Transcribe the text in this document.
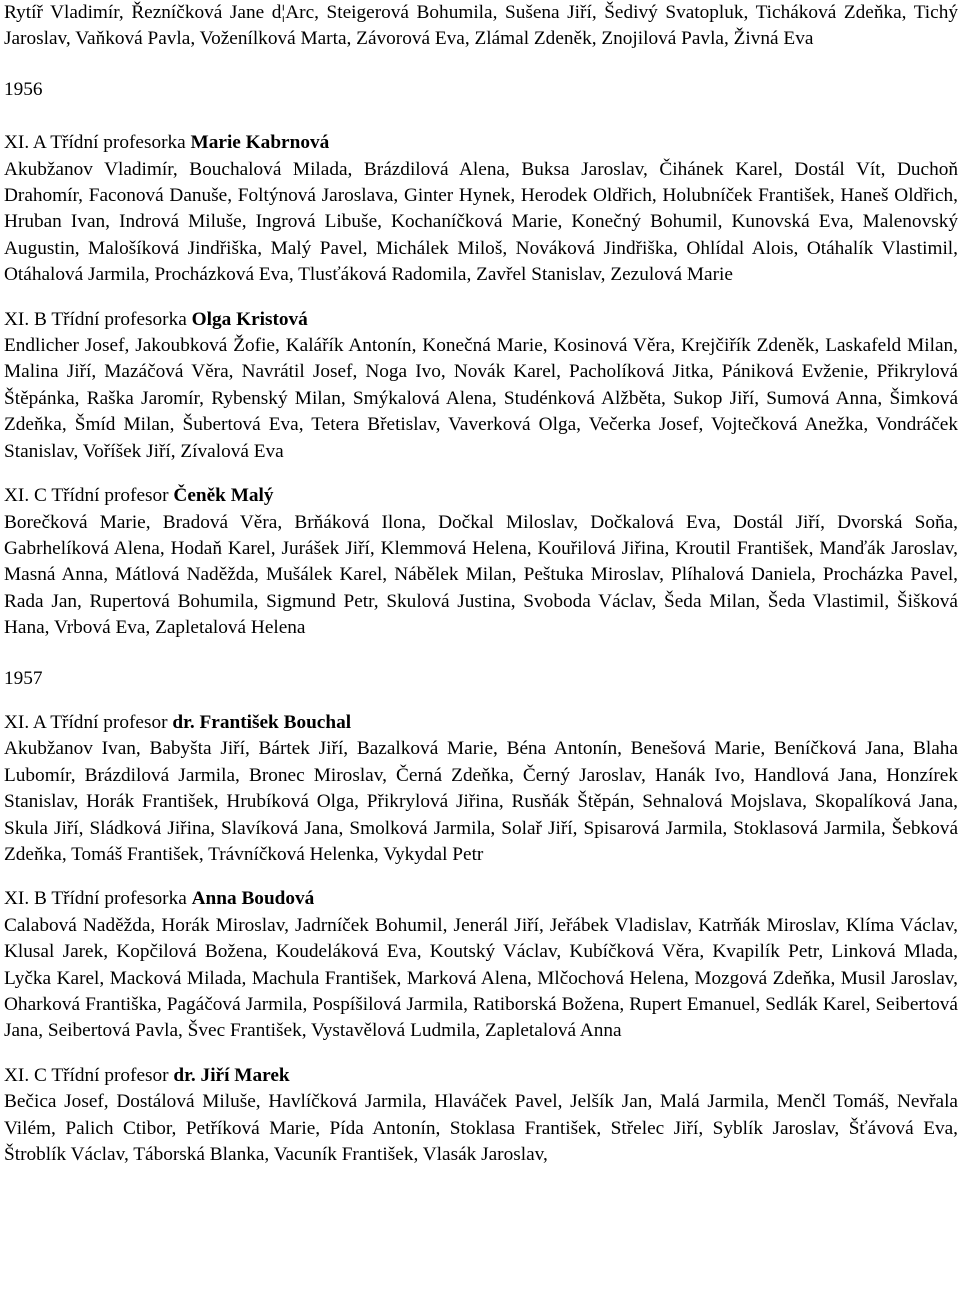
Rytíř Vladimír, Řezníčková Jane d¦Arc, Steigerová Bohumila, Sušena Jiří, Šedivý Svatopluk, Ticháková Zdeňka, Tichý Jaroslav, Vaňková Pavla, Voženílková Marta, Závorová Eva, Zlámal Zdeněk, Znojilová Pavla, Živná Eva

1956

XI. A Třídní profesorka Marie Kabrnová

Akubžanov Vladimír, Bouchalová Milada, Brázdilová Alena, Buksa Jaroslav, Čihánek Karel, Dostál Vít, Duchoň Drahomír, Faconová Danuše, Foltýnová Jaroslava, Ginter Hynek, Herodek Oldřich, Holubníček František, Haneš Oldřich, Hruban Ivan, Indrová Miluše, Ingrová Libuše, Kochaníčková Marie, Konečný Bohumil, Kunovská Eva, Malenovský Augustin, Malošíková Jindřiška, Malý Pavel, Michálek Miloš, Nováková Jindřiška, Ohlídal Alois, Otáhalík Vlastimil, Otáhalová Jarmila, Procházková Eva, Tlusťáková Radomila, Zavřel Stanislav, Zezulová Marie

XI. B Třídní profesorka Olga Kristová

Endlicher Josef, Jakoubková Žofie, Kalářík Antonín, Konečná Marie, Kosinová Věra, Krejčiřík Zdeněk, Laskafeld Milan, Malina Jiří, Mazáčová Věra, Navrátil Josef, Noga Ivo, Novák Karel, Pacholíková Jitka, Pániková Evženie, Přikrylová Štěpánka, Raška Jaromír, Rybenský Milan, Smýkalová Alena, Studénková Alžběta, Sukop Jiří, Sumová Anna, Šimková Zdeňka, Šmíd Milan, Šubertová Eva, Tetera Břetislav, Vaverková Olga, Večerka Josef, Vojtečková Anežka, Vondráček Stanislav, Voříšek Jiří, Zívalová Eva

XI. C Třídní profesor Čeněk Malý

Borečková Marie, Bradová Věra, Brňáková Ilona, Dočkal Miloslav, Dočkalová Eva, Dostál Jiří, Dvorská Soňa, Gabrhelíková Alena, Hodaň Karel, Jurášek Jiří, Klemmová Helena, Kouřilová Jiřina, Kroutil František, Manďák Jaroslav, Masná Anna, Mátlová Naděžda, Mušálek Karel, Nábělek Milan, Peštuka Miroslav, Plíhalová Daniela, Procházka Pavel, Rada Jan, Rupertová Bohumila, Sigmund Petr, Skulová Justina, Svoboda Václav, Šeda Milan, Šeda Vlastimil, Šišková Hana, Vrbová Eva, Zapletalová Helena

1957

XI. A Třídní profesor dr. František Bouchal

Akubžanov Ivan, Babyšta Jiří, Bártek Jiří, Bazalková Marie, Béna Antonín, Benešová Marie, Beníčková Jana, Blaha Lubomír, Brázdilová Jarmila, Bronec Miroslav, Černá Zdeňka, Černý Jaroslav, Hanák Ivo, Handlová Jana, Honzírek Stanislav, Horák František, Hrubíková Olga, Přikrylová Jiřina, Rusňák Štěpán, Sehnalová Mojslava, Skopalíková Jana, Skula Jiří, Sládková Jiřina, Slavíková Jana, Smolková Jarmila, Solař Jiří, Spisarová Jarmila, Stoklasová Jarmila, Šebková Zdeňka, Tomáš František, Trávníčková Helenka, Vykydal Petr

XI. B Třídní profesorka Anna Boudová

Calabová Naděžda, Horák Miroslav, Jadrníček Bohumil, Jenerál Jiří, Jeřábek Vladislav, Katrňák Miroslav, Klíma Václav, Klusal Jarek, Kopčilová Božena, Koudeláková Eva, Koutský Václav, Kubíčková Věra, Kvapilík Petr, Linková Mlada, Lyčka Karel, Macková Milada, Machula František, Marková Alena, Mlčochová Helena, Mozgová Zdeňka, Musil Jaroslav, Oharková Františka, Pagáčová Jarmila, Pospíšilová Jarmila, Ratiborská Božena, Rupert Emanuel, Sedlák Karel, Seibertová Jana, Seibertová Pavla, Švec František, Vystavělová Ludmila, Zapletalová Anna

XI. C Třídní profesor dr. Jiří Marek

Bečica Josef, Dostálová Miluše, Havlíčková Jarmila, Hlaváček Pavel, Jelšík Jan, Malá Jarmila, Menčl Tomáš, Nevřala Vilém, Palich Ctibor, Petříková Marie, Pída Antonín, Stoklasa František, Střelec Jiří, Syblík Jaroslav, Šťávová Eva, Štroblík Václav, Táborská Blanka, Vacuník František, Vlasák Jaroslav,
